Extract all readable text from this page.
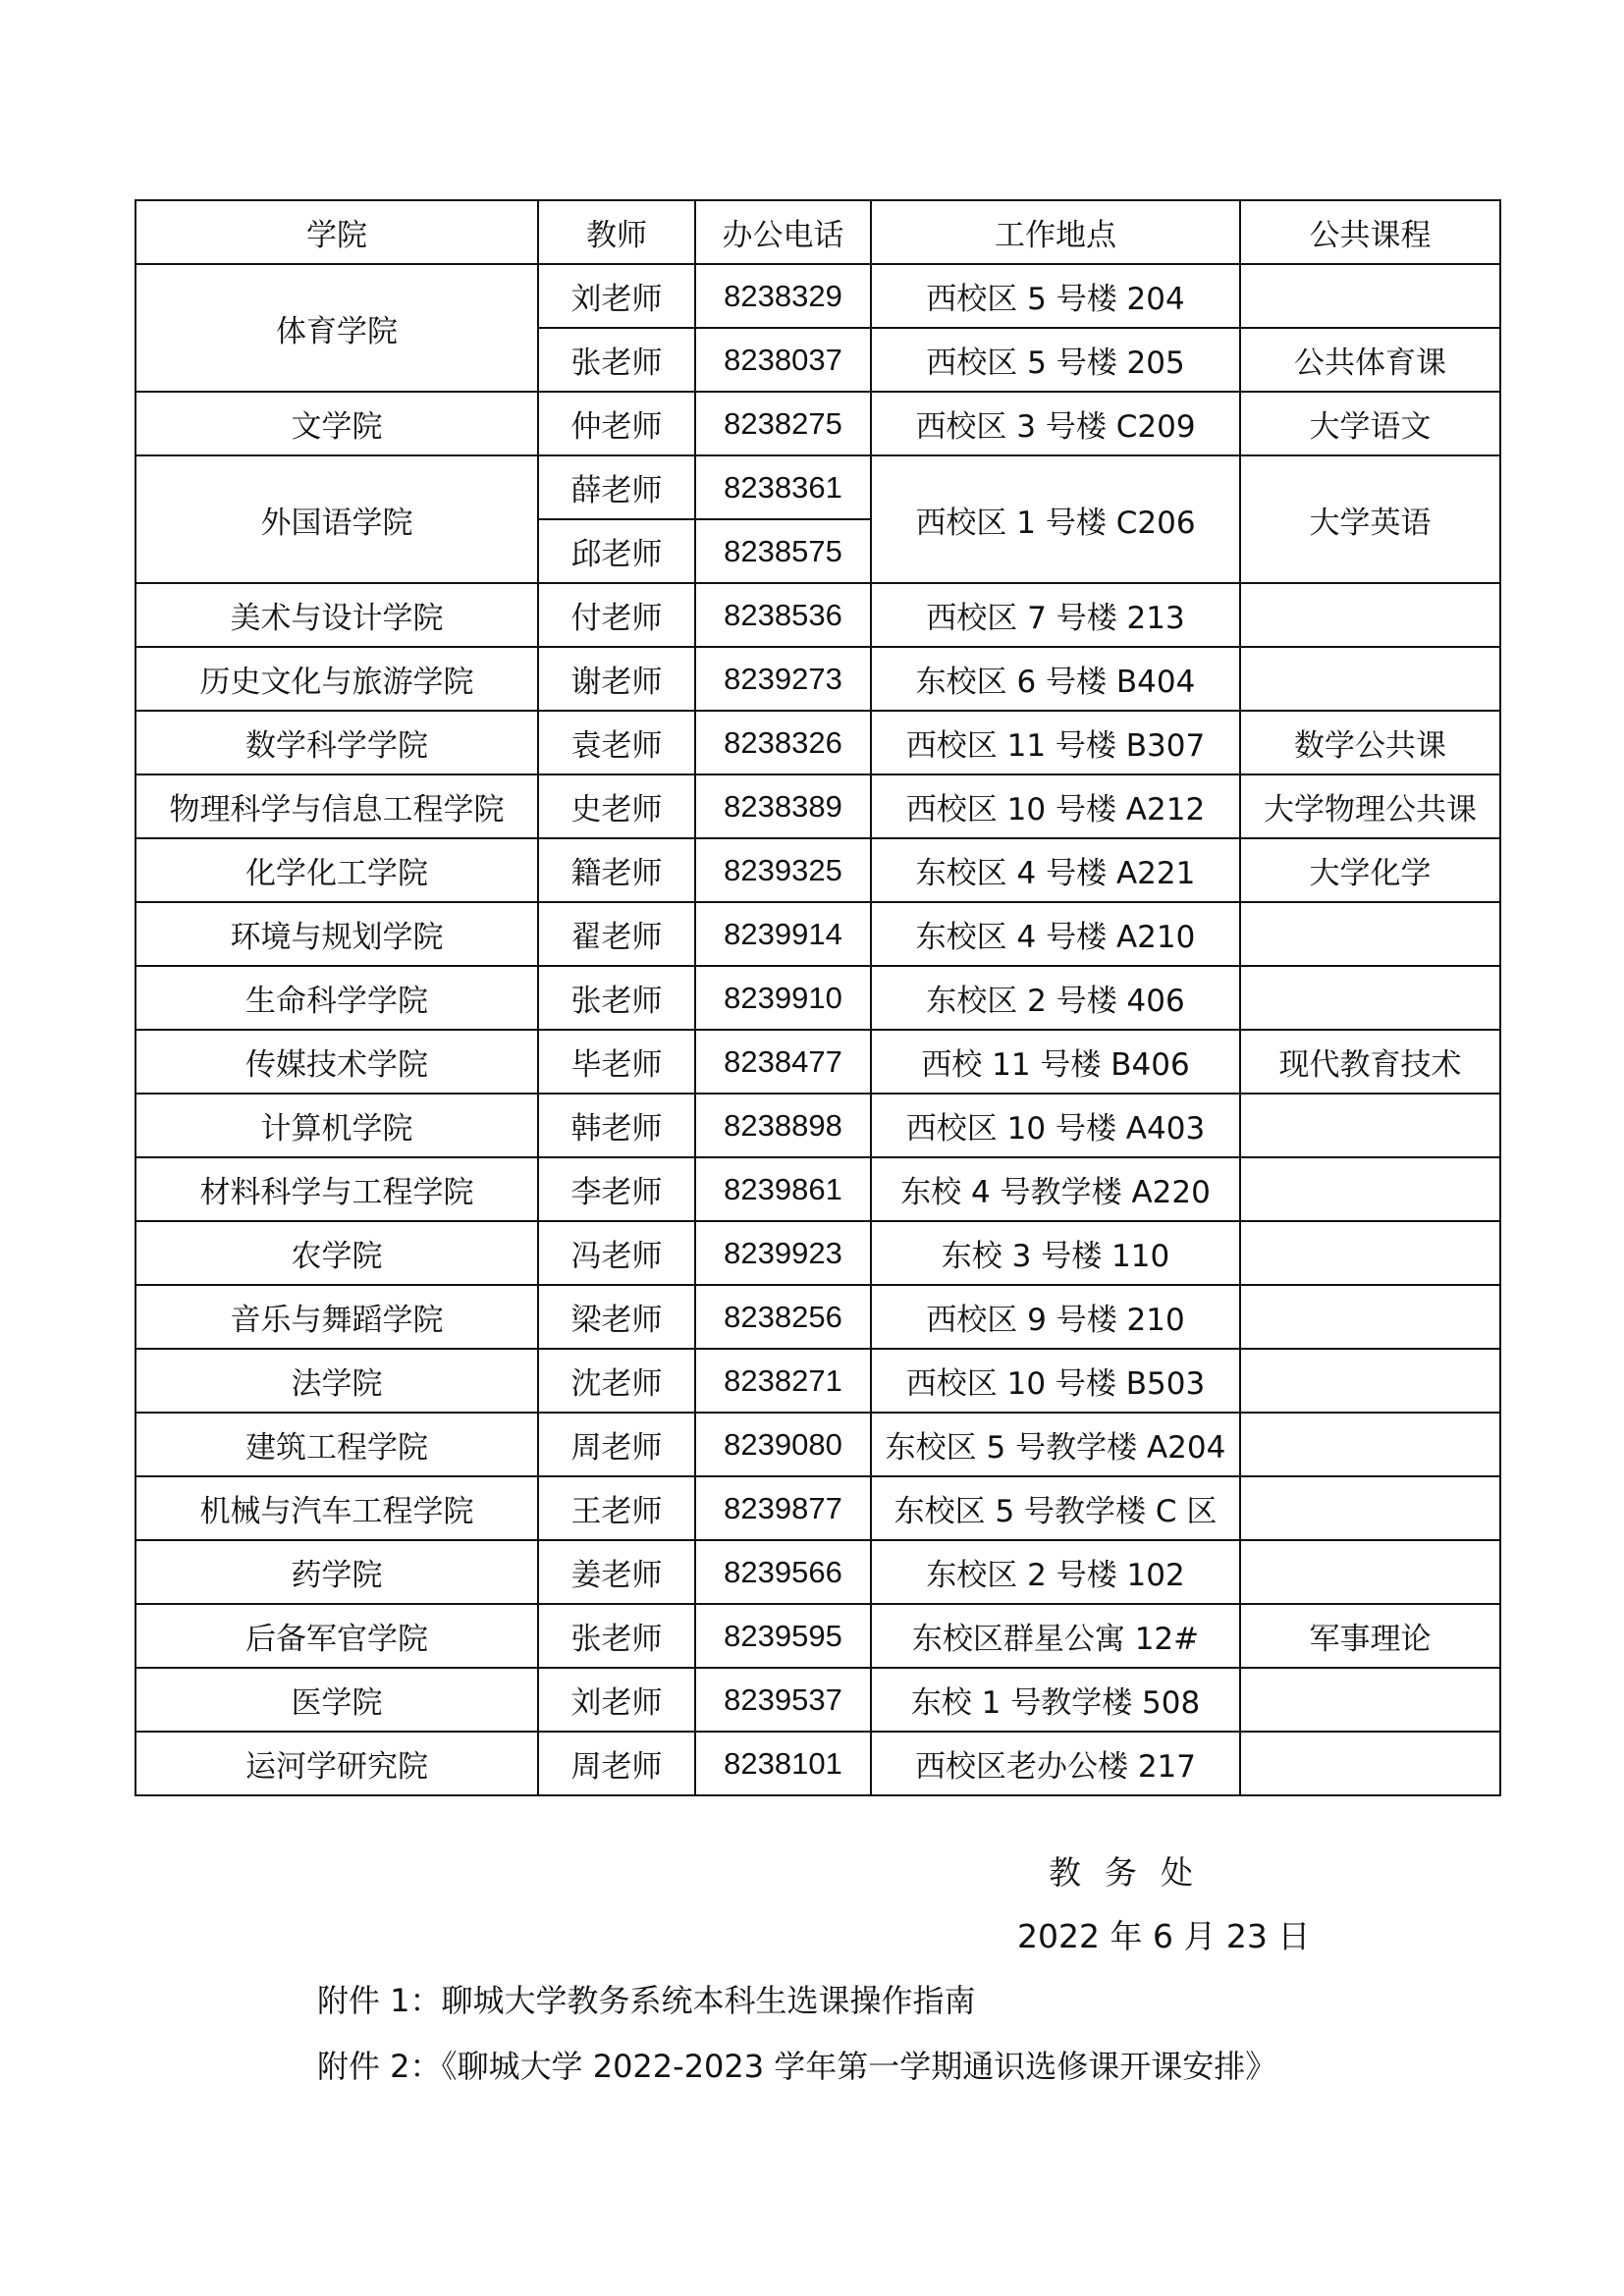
学院	教师	办公电话	工作地点	公共课程
体育学院	刘老师	8238329	西校区 5 号楼 204	
	张老师	8238037	西校区 5 号楼 205	公共体育课
文学院	仲老师	8238275	西校区 3 号楼 C209	大学语文
外国语学院	薛老师	8238361	西校区 1 号楼 C206	大学英语
	邱老师	8238575		
美术与设计学院	付老师	8238536	西校区 7 号楼 213	
历史文化与旅游学院	谢老师	8239273	东校区 6 号楼 B404	
数学科学学院	袁老师	8238326	西校区 11 号楼 B307	数学公共课
物理科学与信息工程学院	史老师	8238389	西校区 10 号楼 A212	大学物理公共课
化学化工学院	籍老师	8239325	东校区 4 号楼 A221	大学化学
环境与规划学院	翟老师	8239914	东校区 4 号楼 A210	
生命科学学院	张老师	8239910	东校区 2 号楼 406	
传媒技术学院	毕老师	8238477	西校 11 号楼 B406	现代教育技术
计算机学院	韩老师	8238898	西校区 10 号楼 A403	
材料科学与工程学院	李老师	8239861	东校 4 号教学楼 A220	
农学院	冯老师	8239923	东校 3 号楼 110	
音乐与舞蹈学院	梁老师	8238256	西校区 9 号楼 210	
法学院	沈老师	8238271	西校区 10 号楼 B503	
建筑工程学院	周老师	8239080	东校区 5 号教学楼 A204	
机械与汽车工程学院	王老师	8239877	东校区 5 号教学楼 C 区	
药学院	姜老师	8239566	东校区 2 号楼 102	
后备军官学院	张老师	8239595	东校区群星公寓 12#	军事理论
医学院	刘老师	8239537	东校 1 号教学楼 508	
运河学研究院	周老师	8238101	西校区老办公楼 217	
教务处
2022 年 6 月 23 日
附件 1：聊城大学教务系统本科生选课操作指南
附件 2：《聊城大学 2022-2023 学年第一学期通识选修课开课安排》
